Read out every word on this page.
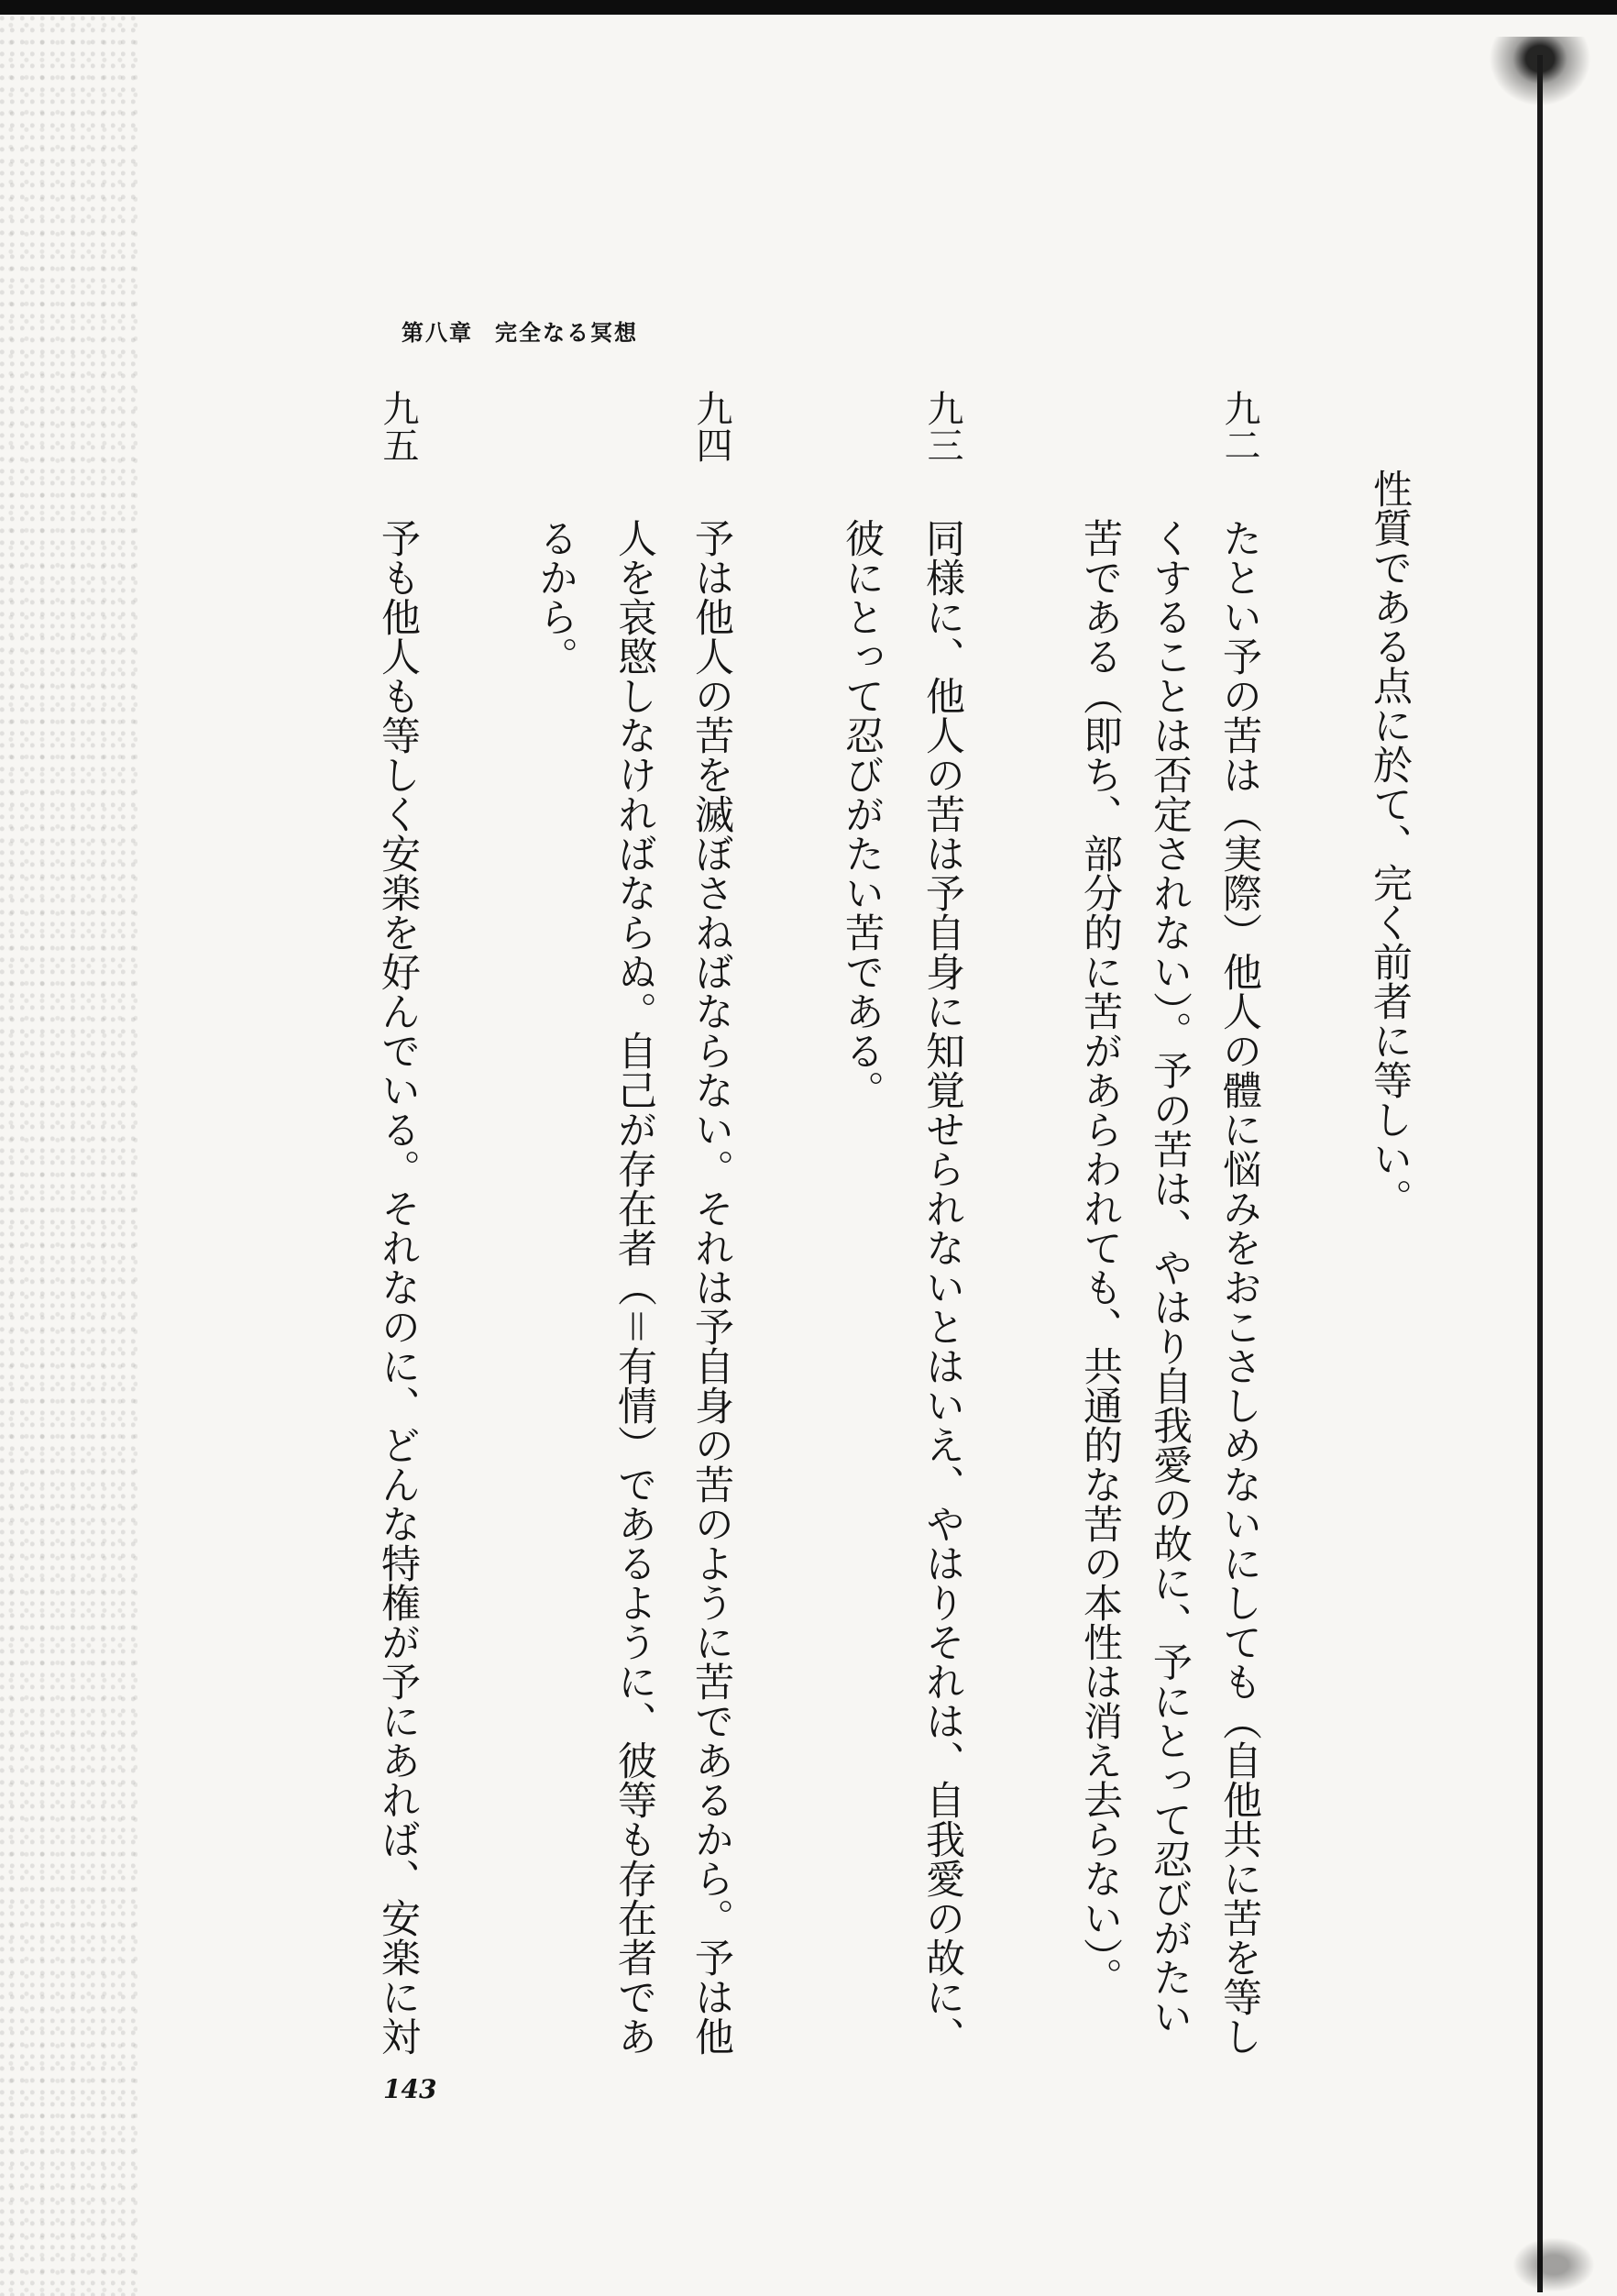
第八章 完全なる冥想
　　性質である点に於て、完く前者に等しい。
九二
たとい予の苦は（実際）他人の體に悩みをおこさしめないにしても（自他共に苦を等し
くすることは否定されない）。予の苦は、やはり自我愛の故に、予にとって忍びがたい
苦である（即ち、部分的に苦があらわれても、共通的な苦の本性は消え去らない）。
九三
同様に、他人の苦は予自身に知覚せられないとはいえ、やはりそれは、自我愛の故に、
彼にとって忍びがたい苦である。
九四
予は他人の苦を滅ぼさねばならない。それは予自身の苦のように苦であるから。予は他
人を哀愍しなければならぬ。自己が存在者（＝有情）であるように、彼等も存在者であ
るから。
九五
予も他人も等しく安楽を好んでいる。それなのに、どんな特権が予にあれば、安楽に対
143
